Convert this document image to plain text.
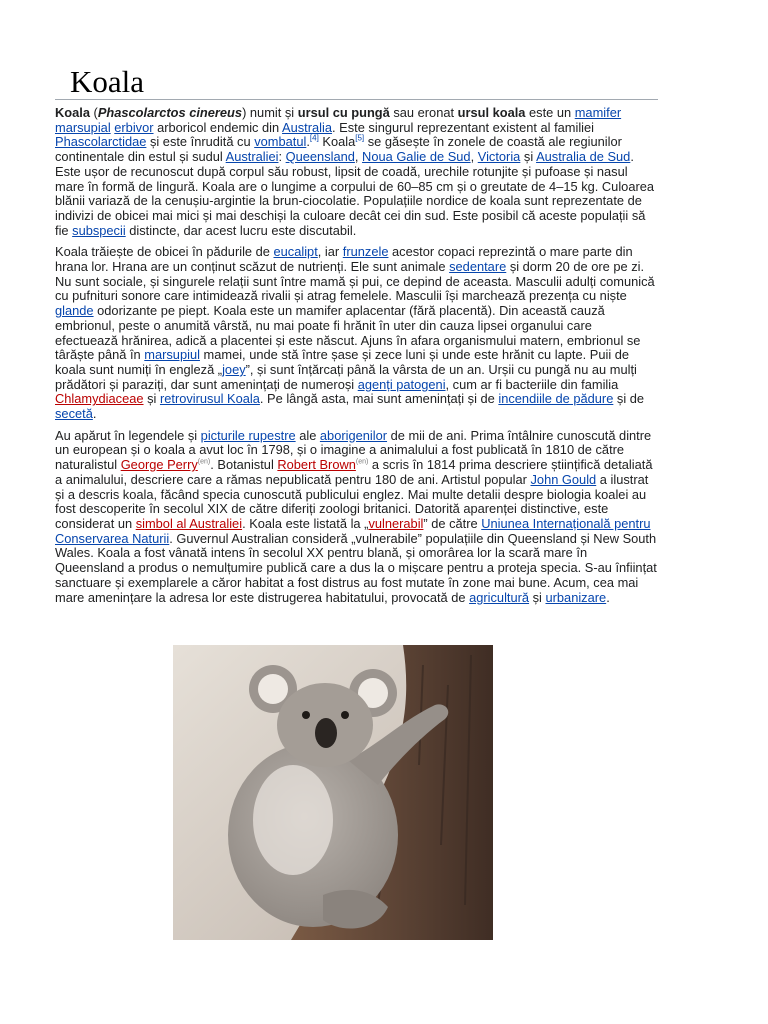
Koala

Koala (Phascolarctos cinereus) numit și ursul cu pungă sau eronat ursul koala este un mamifer marsupial erbivor arboricol endemic din Australia. Este singurul reprezentant existent al familiei Phascolarctidae și este înrudită cu vombatul.[4] Koala[5] se găsește în zonele de coastă ale regiunilor continentale din estul și sudul Australiei: Queensland, Noua Galie de Sud, Victoria și Australia de Sud. Este ușor de recunoscut după corpul său robust, lipsit de coadă, urechile rotunjite și pufoase și nasul mare în formă de lingură. Koala are o lungime a corpului de 60–85 cm și o greutate de 4–15 kg. Culoarea blănii variază de la cenușiu-argintie la brun-ciocolatie. Populațiile nordice de koala sunt reprezentate de indivizi de obicei mai mici și mai deschiși la culoare decât cei din sud. Este posibil că aceste populații să fie subspecii distincte, dar acest lucru este discutabil.

Koala trăiește de obicei în pădurile de eucalipt, iar frunzele acestor copaci reprezintă o mare parte din hrana lor. Hrana are un conținut scăzut de nutrienți. Ele sunt animale sedentare și dorm 20 de ore pe zi. Nu sunt sociale, și singurele relații sunt între mamă și pui, ce depind de aceasta. Masculii adulți comunică cu pufnituri sonore care intimidează rivalii și atrag femelele. Masculii își marchează prezența cu niște glande odorizante pe piept. Koala este un mamifer aplacentar (fără placentă). Din această cauză embrionul, peste o anumită vârstă, nu mai poate fi hrănit în uter din cauza lipsei organului care efectuează hrănirea, adică a placentei și este născut. Ajuns în afara organismului matern, embrionul se târăște până în marsupiul mamei, unde stă între șase și zece luni și unde este hrănit cu lapte. Puii de koala sunt numiți în engleză „joey”, și sunt înțărcați până la vârsta de un an. Urșii cu pungă nu au mulți prădători și paraziți, dar sunt amenințați de numeroși agenți patogeni, cum ar fi bacteriile din familia Chlamydiaceae și retrovirusul Koala. Pe lângă asta, mai sunt amenințați și de incendiile de pădure și de secetă.

Au apărut în legendele și picturile rupestre ale aborigenilor de mii de ani. Prima întâlnire cunoscută dintre un european și o koala a avut loc în 1798, și o imagine a animalului a fost publicată în 1810 de către naturalistul George Perry$^{(en)}$. Botanistul Robert Brown$^{(en)}$ a scris în 1814 prima descriere științifică detaliată a animalului, descriere care a rămas nepublicată pentru 180 de ani. Artistul popular John Gould a ilustrat și a descris koala, făcând specia cunoscută publicului englez. Mai multe detalii despre biologia koalei au fost descoperite în secolul XIX de către diferiți zoologi britanici. Datorită aparenței distinctive, este considerat un simbol al Australiei. Koala este listată la „vulnerabil” de către Uniunea Internațională pentru Conservarea Naturii. Guvernul Australian consideră „vulnerabile” populațiile din Queensland și New South Wales. Koala a fost vânată intens în secolul XX pentru blană, și omorârea lor la scară mare în Queensland a produs o nemulțumire publică care a dus la o mișcare pentru a proteja specia. S-au înființat sanctuare și exemplarele a căror habitat a fost distrus au fost mutate în zone mai bune. Acum, cea mai mare amenințare la adresa lor este distrugerea habitatului, provocată de agricultură și urbanizare.
